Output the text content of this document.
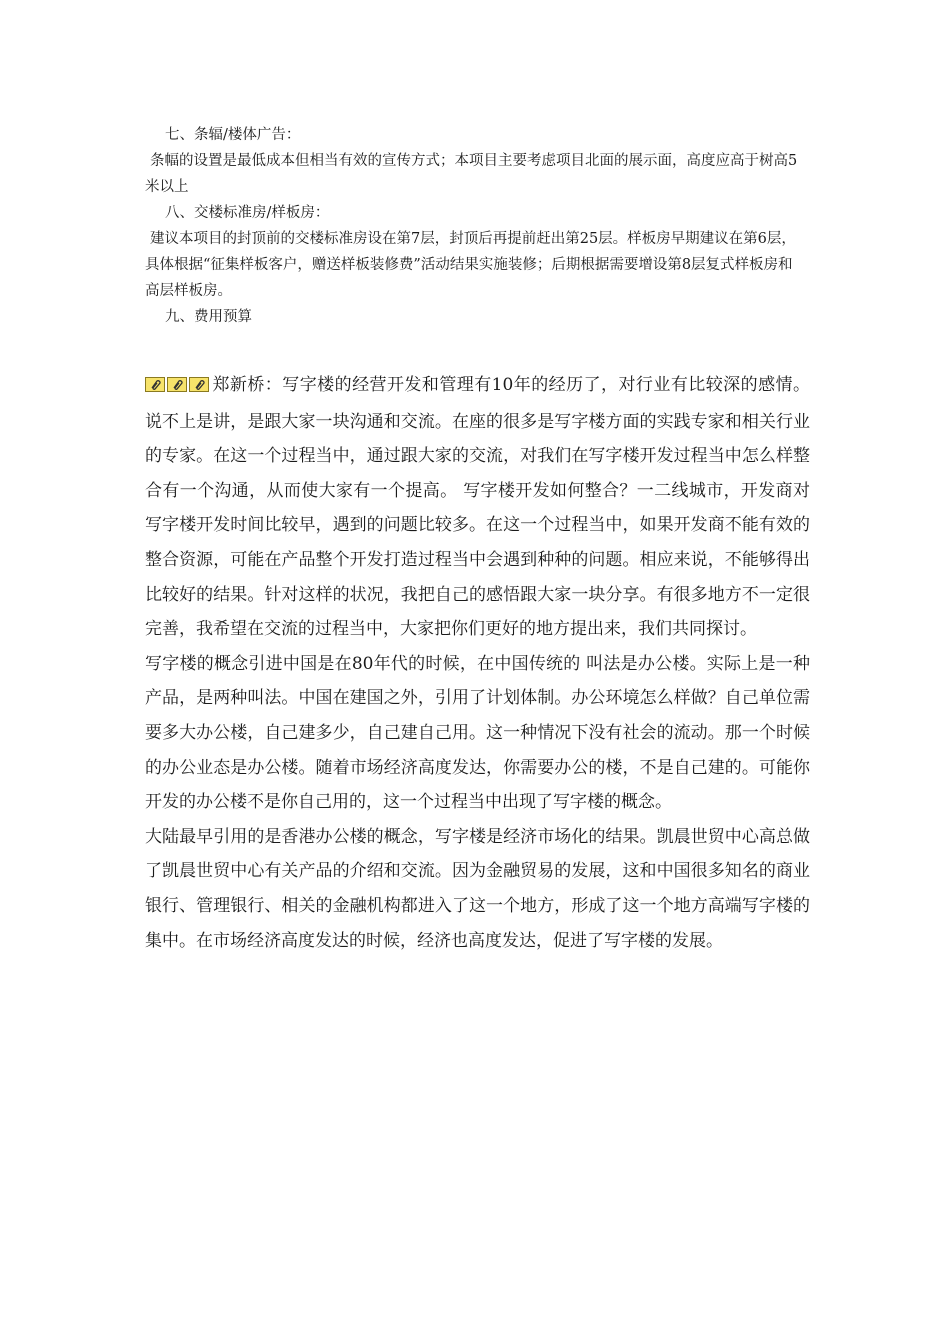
七、条辐/楼体广告：

条幅的设置是最低成本但相当有效的宣传方式；本项目主要考虑项目北面的展示面，高度应高于树高5米以上

八、交楼标准房/样板房：

建议本项目的封顶前的交楼标准房设在第7层，封顶后再提前赶出第25层。样板房早期建议在第6层，具体根据“征集样板客户，赠送样板装修费”活动结果实施装修；后期根据需要增设第8层复式样板房和高层样板房。

九、费用预算

郑新桥：写字楼的经营开发和管理有10年的经历了，对行业有比较深的感情。说不上是讲，是跟大家一块沟通和交流。在座的很多是写字楼方面的实践专家和相关行业的专家。在这一个过程当中，通过跟大家的交流，对我们在写字楼开发过程当中怎么样整合有一个沟通，从而使大家有一个提高。 写字楼开发如何整合？一二线城市，开发商对写字楼开发时间比较早，遇到的问题比较多。在这一个过程当中，如果开发商不能有效的整合资源，可能在产品整个开发打造过程当中会遇到种种的问题。相应来说，不能够得出比较好的结果。针对这样的状况，我把自己的感悟跟大家一块分享。有很多地方不一定很完善，我希望在交流的过程当中，大家把你们更好的地方提出来，我们共同探讨。

写字楼的概念引进中国是在80年代的时候，在中国传统的 叫法是办公楼。实际上是一种产品，是两种叫法。中国在建国之外，引用了计划体制。办公环境怎么样做？自己单位需要多大办公楼，自己建多少，自己建自己用。这一种情况下没有社会的流动。那一个时候的办公业态是办公楼。随着市场经济高度发达，你需要办公的楼，不是自己建的。可能你开发的办公楼不是你自己用的，这一个过程当中出现了写字楼的概念。

大陆最早引用的是香港办公楼的概念，写字楼是经济市场化的结果。凯晨世贸中心高总做了凯晨世贸中心有关产品的介绍和交流。因为金融贸易的发展，这和中国很多知名的商业银行、管理银行、相关的金融机构都进入了这一个地方，形成了这一个地方高端写字楼的集中。在市场经济高度发达的时候，经济也高度发达，促进了写字楼的发展。
